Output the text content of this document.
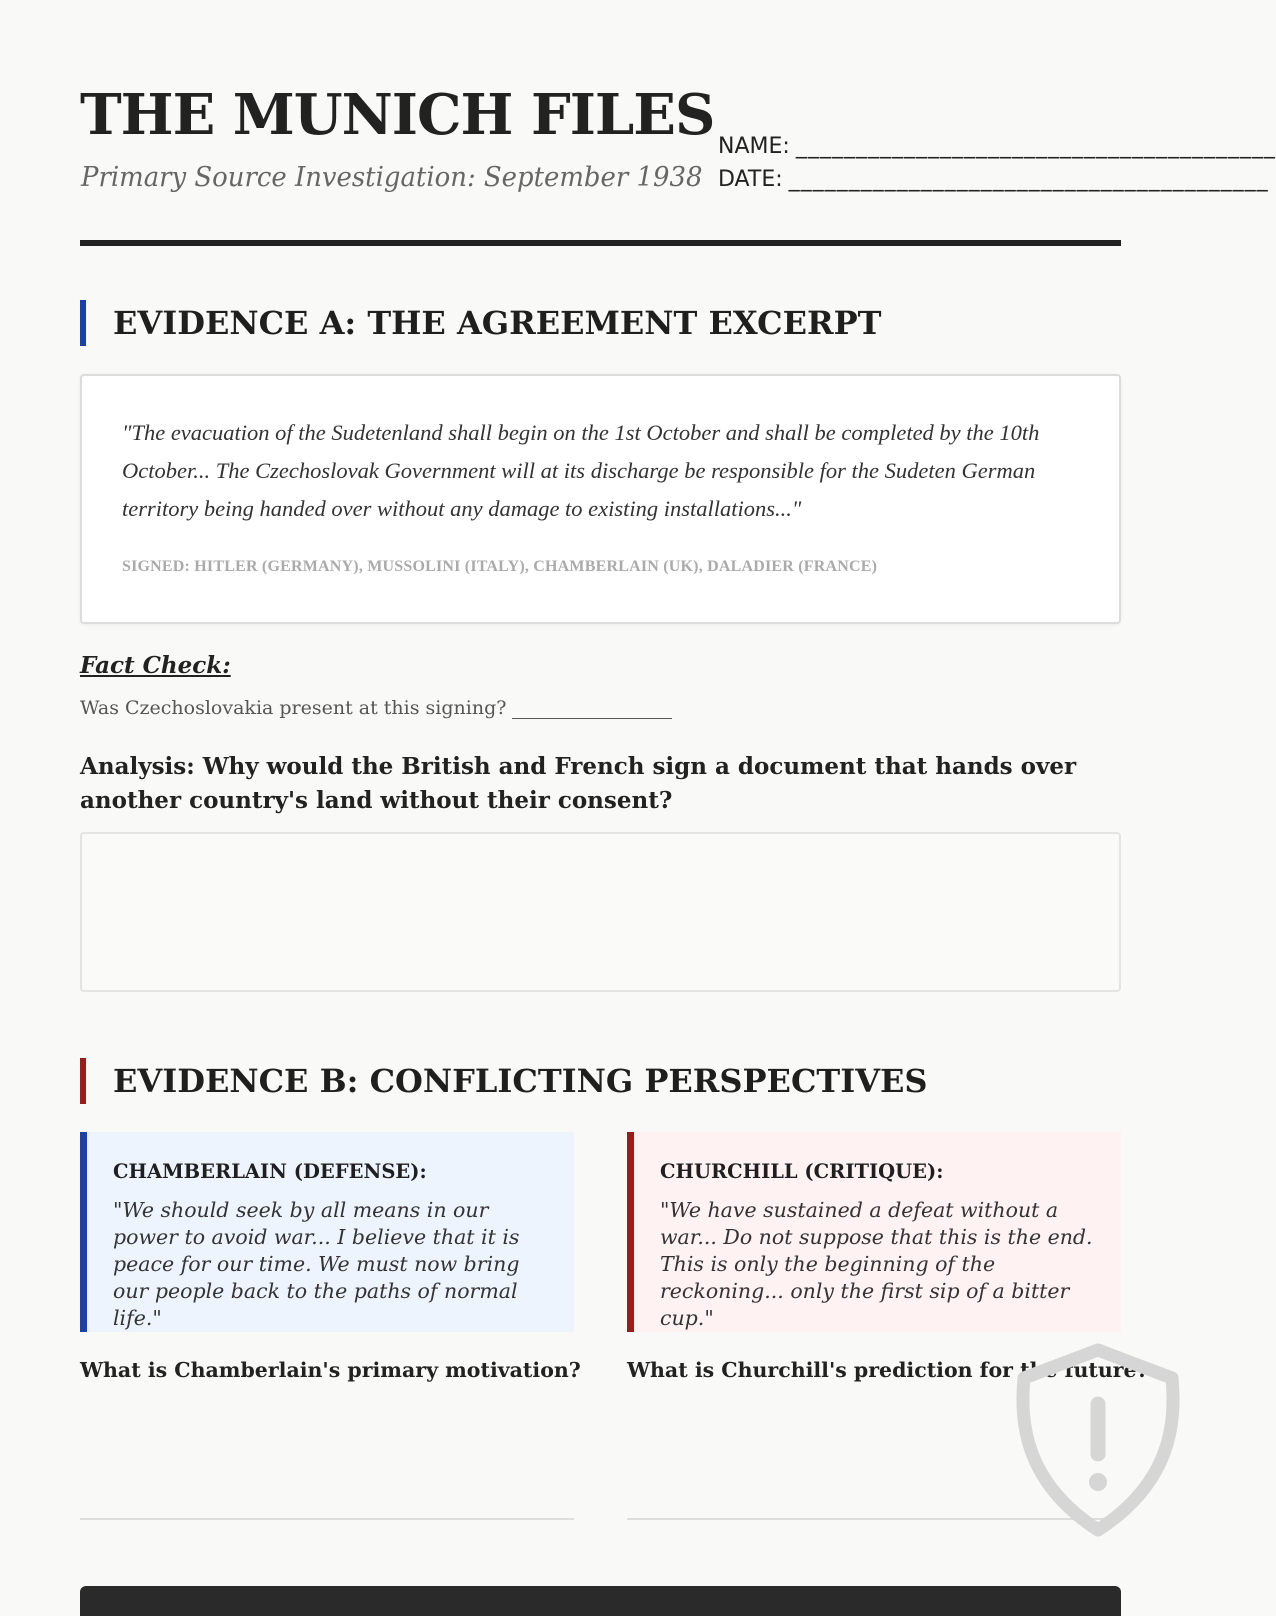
THE MUNICH FILES
Primary Source Investigation: September 1938
NAME: ________________________________________
DATE: ________________________________________
EVIDENCE A: THE AGREEMENT EXCERPT
"The evacuation of the Sudetenland shall begin on the 1st October and shall be completed by the 10th October... The Czechoslovak Government will at its discharge be responsible for the Sudeten German territory being handed over without any damage to existing installations..."
SIGNED: HITLER (GERMANY), MUSSOLINI (ITALY), CHAMBERLAIN (UK), DALADIER (FRANCE)
Fact Check:
Was Czechoslovakia present at this signing?
Analysis: Why would the British and French sign a document that hands over another country's land without their consent?
EVIDENCE B: CONFLICTING PERSPECTIVES
CHAMBERLAIN (DEFENSE):
"We should seek by all means in our power to avoid war... I believe that it is peace for our time. We must now bring our people back to the paths of normal life."
CHURCHILL (CRITIQUE):
"We have sustained a defeat without a war... Do not suppose that this is the end. This is only the beginning of the reckoning... only the first sip of a bitter cup."
What is Chamberlain's primary motivation? What is Churchill's prediction for the future?
